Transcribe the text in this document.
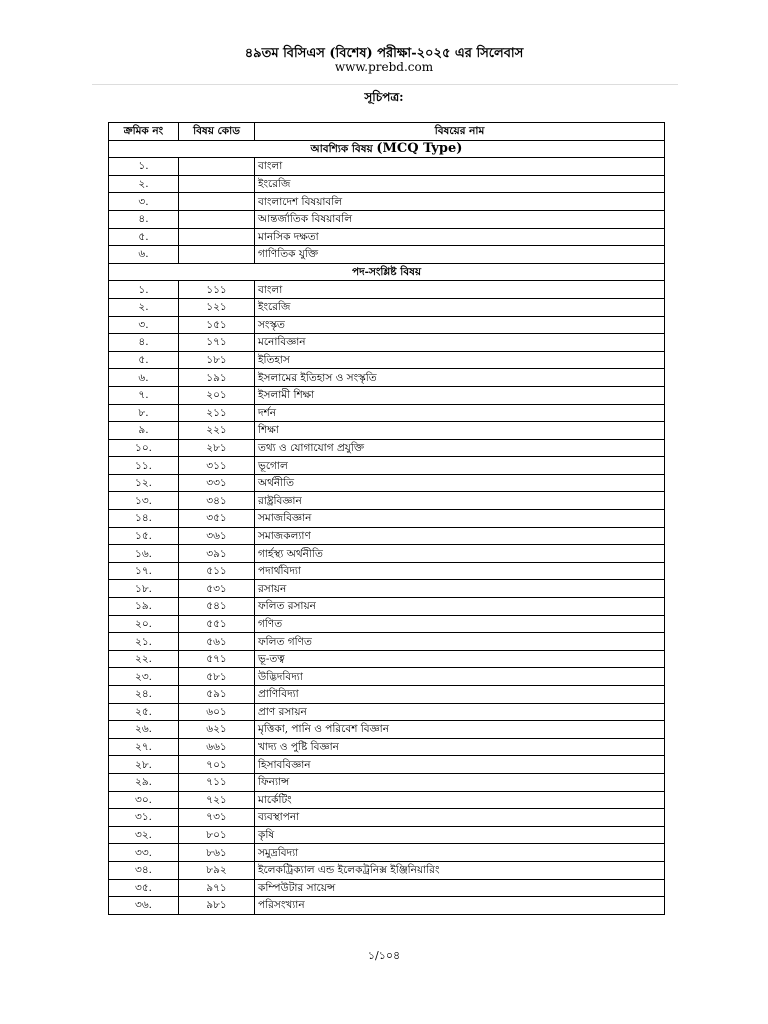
৪৯তম বিসিএস (বিশেষ) পরীক্ষা-২০২৫ এর সিলেবাস
www.prebd.com
সূচিপত্র:
ক্রমিক নং	বিষয় কোড	বিষয়ের নাম
আবশ্যিক বিষয় (MCQ Type)		
১.		বাংলা
২.		ইংরেজি
৩.		বাংলাদেশ বিষয়াবলি
৪.		আন্তর্জাতিক বিষয়াবলি
৫.		মানসিক দক্ষতা
৬.		গাণিতিক যুক্তি
পদ-সংশ্লিষ্ট বিষয়		
১.	১১১	বাংলা
২.	১২১	ইংরেজি
৩.	১৫১	সংস্কৃত
৪.	১৭১	মনোবিজ্ঞান
৫.	১৮১	ইতিহাস
৬.	১৯১	ইসলামের ইতিহাস ও সংস্কৃতি
৭.	২০১	ইসলামী শিক্ষা
৮.	২১১	দর্শন
৯.	২২১	শিক্ষা
১০.	২৮১	তথ্য ও যোগাযোগ প্রযুক্তি
১১.	৩১১	ভূগোল
১২.	৩৩১	অর্থনীতি
১৩.	৩৪১	রাষ্ট্রবিজ্ঞান
১৪.	৩৫১	সমাজবিজ্ঞান
১৫.	৩৬১	সমাজকল্যাণ
১৬.	৩৯১	গার্হস্থ্য অর্থনীতি
১৭.	৫১১	পদার্থবিদ্যা
১৮.	৫৩১	রসায়ন
১৯.	৫৪১	ফলিত রসায়ন
২০.	৫৫১	গণিত
২১.	৫৬১	ফলিত গণিত
২২.	৫৭১	ভূ-তত্ব
২৩.	৫৮১	উদ্ভিদবিদ্যা
২৪.	৫৯১	প্রাণিবিদ্যা
২৫.	৬০১	প্রাণ রসায়ন
২৬.	৬২১	মৃত্তিকা, পানি ও পরিবেশ বিজ্ঞান
২৭.	৬৬১	খাদ্য ও পুষ্টি বিজ্ঞান
২৮.	৭০১	হিসাববিজ্ঞান
২৯.	৭১১	ফিন্যান্স
৩০.	৭২১	মার্কেটিং
৩১.	৭৩১	ব্যবস্থাপনা
৩২.	৮০১	কৃষি
৩৩.	৮৬১	সমুদ্রবিদ্যা
৩৪.	৮৯২	ইলেকট্রিক্যাল এন্ড ইলেকট্রনিক্স ইঞ্জিনিয়ারিং
৩৫.	৯৭১	কম্পিউটার সায়েন্স
৩৬.	৯৮১	পরিসংখ্যান
১/১০৪
